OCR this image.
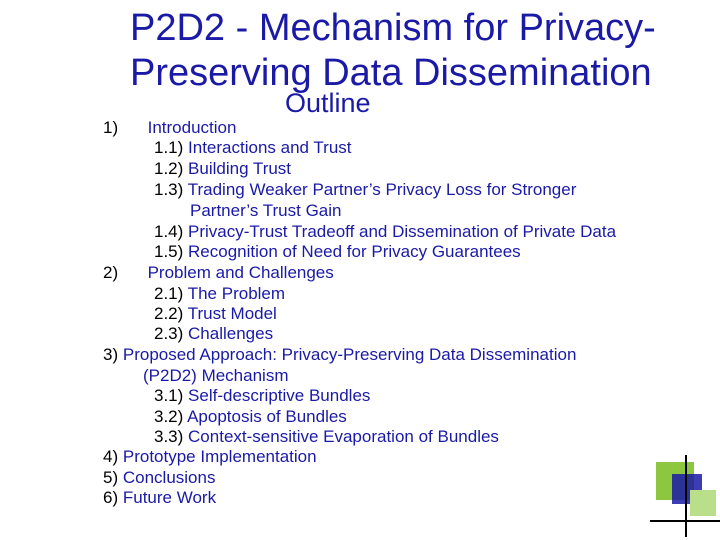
P2D2 - Mechanism for Privacy-
Preserving Data Dissemination
Outline
1) Introduction
1.1) Interactions and Trust
1.2) Building Trust
1.3) Trading Weaker Partner’s Privacy Loss for Stronger
Partner’s Trust Gain
1.4) Privacy-Trust Tradeoff and Dissemination of Private Data
1.5) Recognition of Need for Privacy Guarantees
2) Problem and Challenges
2.1) The Problem
2.2) Trust Model
2.3) Challenges
3) Proposed Approach: Privacy-Preserving Data Dissemination
(P2D2) Mechanism
3.1) Self-descriptive Bundles
3.2) Apoptosis of Bundles
3.3) Context-sensitive Evaporation of Bundles
4) Prototype Implementation
5) Conclusions
6) Future Work
